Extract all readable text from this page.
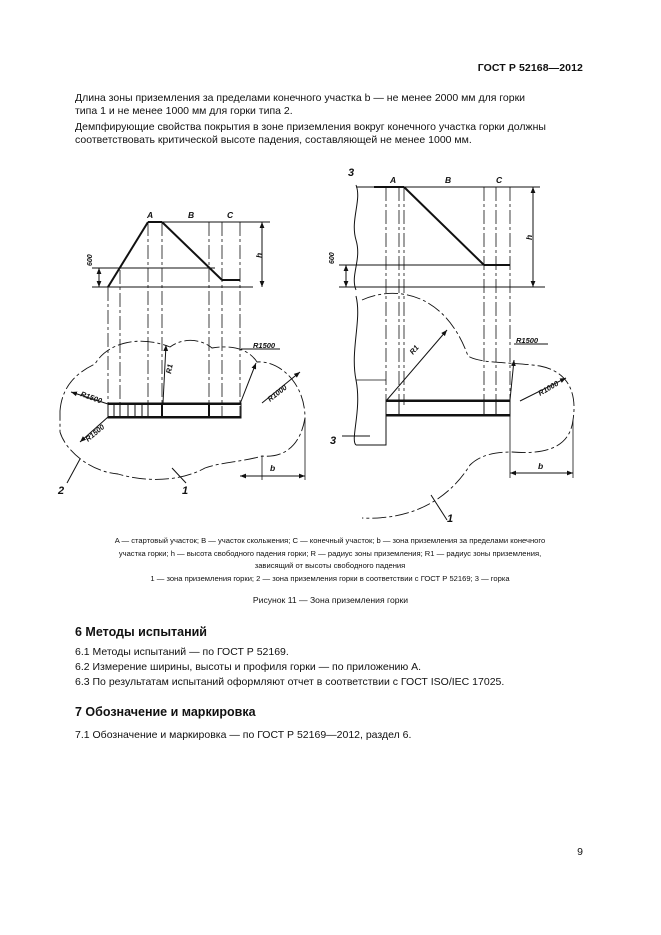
ГОСТ Р 52168—2012
Длина зоны приземления за пределами конечного участка b — не менее 2000 мм для горки
типа 1 и не менее 1000 мм для горки типа 2.
Демпфирующие свойства покрытия в зоне приземления вокруг конечного участка горки должны
соответствовать критической высоте падения, составляющей не менее 1000 мм.
A	B	C
h
600
R1500
R1500
R1500
R1
R1000
b
2	1
A	B	C
h
600
3
3
R1
R1500
R1000
b
1
A — стартовый участок; B — участок скольжения; C — конечный участок; b — зона приземления за пределами конечного
участка горки; h — высота свободного падения горки; R — радиус зоны приземления; R1 — радиус зоны приземления,
зависящий от высоты свободного падения
1 — зона приземления горки; 2 — зона приземления горки в соответствии с ГОСТ Р 52169; 3 — горка
Рисунок 11 — Зона приземления горки
6 Методы испытаний
6.1 Методы испытаний — по ГОСТ Р 52169.
6.2 Измерение ширины, высоты и профиля горки — по приложению А.
6.3 По результатам испытаний оформляют отчет в соответствии с ГОСТ ISO/IEC 17025.
7 Обозначение и маркировка
7.1 Обозначение и маркировка — по ГОСТ Р 52169—2012, раздел 6.
9
